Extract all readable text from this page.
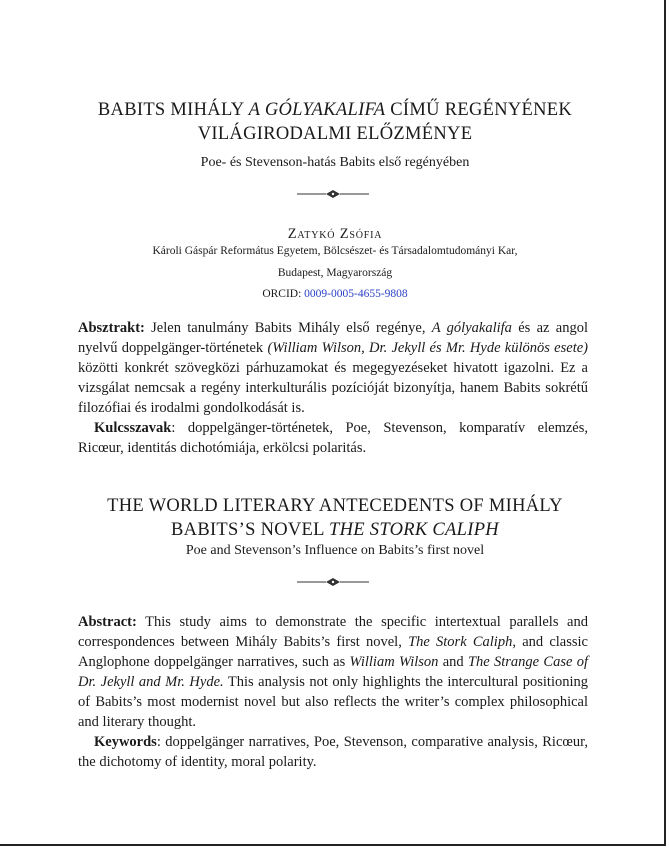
BABITS MIHÁLY A GÓLYAKALIFA CÍMŰ REGÉNYÉNEK
VILÁGIRODALMI ELŐZMÉNYE
Poe- és Stevenson-hatás Babits első regényében
Zatykó Zsófia
Károli Gáspár Református Egyetem, Bölcsészet- és Társadalomtudományi Kar,
Budapest, Magyarország
ORCID: 0009-0005-4655-9808

Absztrakt: Jelen tanulmány Babits Mihály első regénye, A gólyakalifa és az angol nyelvű doppelgänger-történetek (William Wilson, Dr. Jekyll és Mr. Hyde különös esete) közötti konkrét szövegközi párhuzamokat és megegyezéseket hivatott igazolni. Ez a vizsgálat nemcsak a regény interkulturális pozícióját bizonyítja, hanem Babits sokrétű filozófiai és irodalmi gondolkodását is.

Kulcsszavak: doppelgänger-történetek, Poe, Stevenson, komparatív elemzés, Ricœur, identitás dichotómiája, erkölcsi polaritás.

THE WORLD LITERARY ANTECEDENTS OF MIHÁLY
BABITS’S NOVEL THE STORK CALIPH
Poe and Stevenson’s Influence on Babits’s first novel

Abstract: This study aims to demonstrate the specific intertextual parallels and correspondences between Mihály Babits’s first novel, The Stork Caliph, and classic Anglophone doppelgänger narratives, such as William Wilson and The Strange Case of Dr. Jekyll and Mr. Hyde. This analysis not only highlights the intercultural positioning of Babits’s most modernist novel but also reflects the writer’s complex philosophical and literary thought.

Keywords: doppelgänger narratives, Poe, Stevenson, comparative analysis, Ricœur, the dichotomy of identity, moral polarity.
